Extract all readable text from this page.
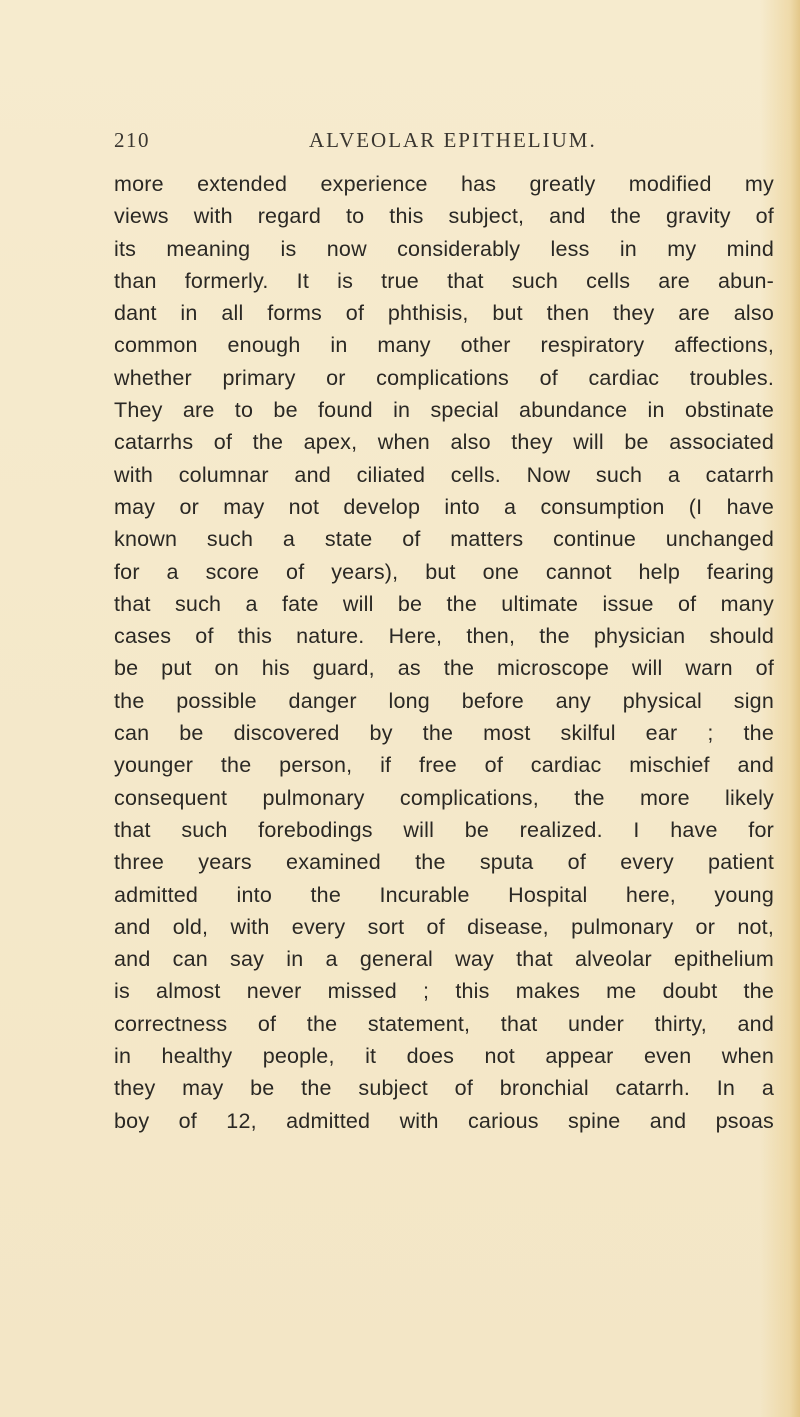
210	ALVEOLAR EPITHELIUM.
more extended experience has greatly modified my
views with regard to this subject, and the gravity of
its meaning is now considerably less in my mind
than formerly. It is true that such cells are abun-
dant in all forms of phthisis, but then they are also
common enough in many other respiratory affections,
whether primary or complications of cardiac troubles.
They are to be found in special abundance in obstinate
catarrhs of the apex, when also they will be associated
with columnar and ciliated cells. Now such a catarrh
may or may not develop into a consumption (I have
known such a state of matters continue unchanged
for a score of years), but one cannot help fearing
that such a fate will be the ultimate issue of many
cases of this nature. Here, then, the physician should
be put on his guard, as the microscope will warn of
the possible danger long before any physical sign
can be discovered by the most skilful ear ; the
younger the person, if free of cardiac mischief and
consequent pulmonary complications, the more likely
that such forebodings will be realized. I have for
three years examined the sputa of every patient
admitted into the Incurable Hospital here, young
and old, with every sort of disease, pulmonary or not,
and can say in a general way that alveolar epithelium
is almost never missed ; this makes me doubt the
correctness of the statement, that under thirty, and
in healthy people, it does not appear even when
they may be the subject of bronchial catarrh. In a
boy of 12, admitted with carious spine and psoas
